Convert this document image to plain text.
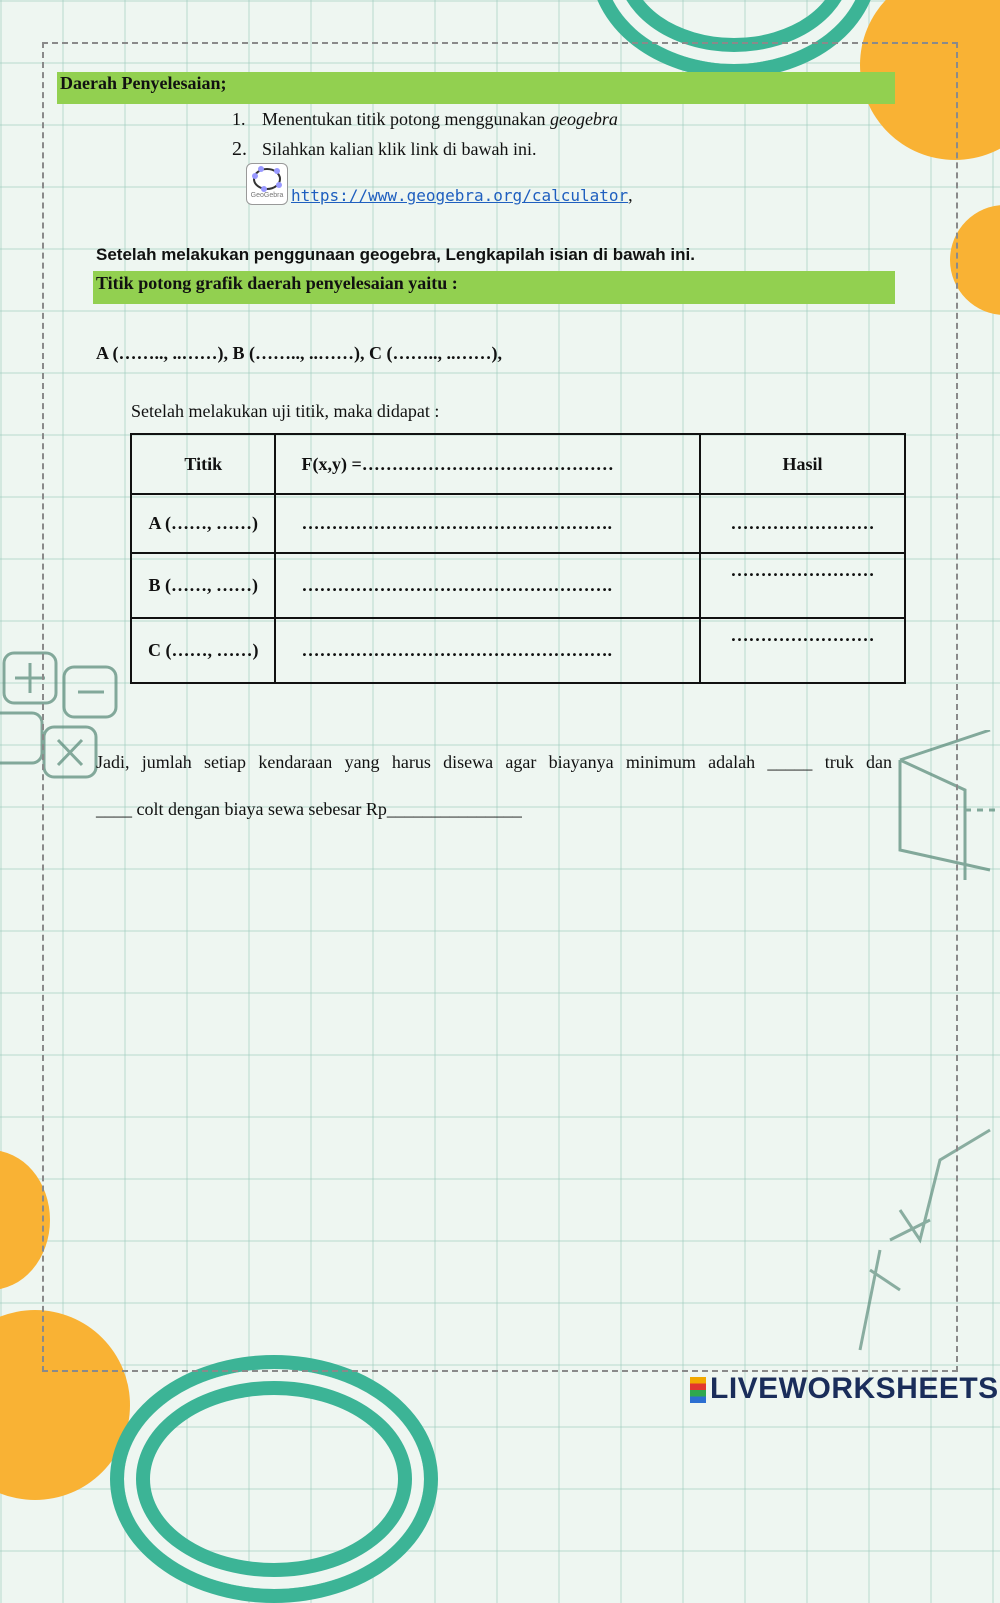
Daerah Penyelesaian;
1. Menentukan titik potong menggunakan geogebra
2. Silahkan kalian klik link di bawah ini.
GeoGebra https://www.geogebra.org/calculator,
Setelah melakukan penggunaan geogebra, Lengkapilah isian di bawah ini.
Titik potong grafik daerah penyelesaian yaitu :
A (…….., ..……), B (…….., ..……), C (…….., ..……),
Setelah melakukan uji titik, maka didapat :
Titik	F(x,y) =……………………………………	Hasil
A (……, ……)	…………………………………………….	……………………
B (……, ……)	…………………………………………….	……………………
C (……, ……)	…………………………………………….	……………………
Jadi, jumlah setiap kendaraan yang harus disewa agar biayanya minimum adalah _____ truk dan
____ colt dengan biaya sewa sebesar Rp_______________
LIVEWORKSHEETS
